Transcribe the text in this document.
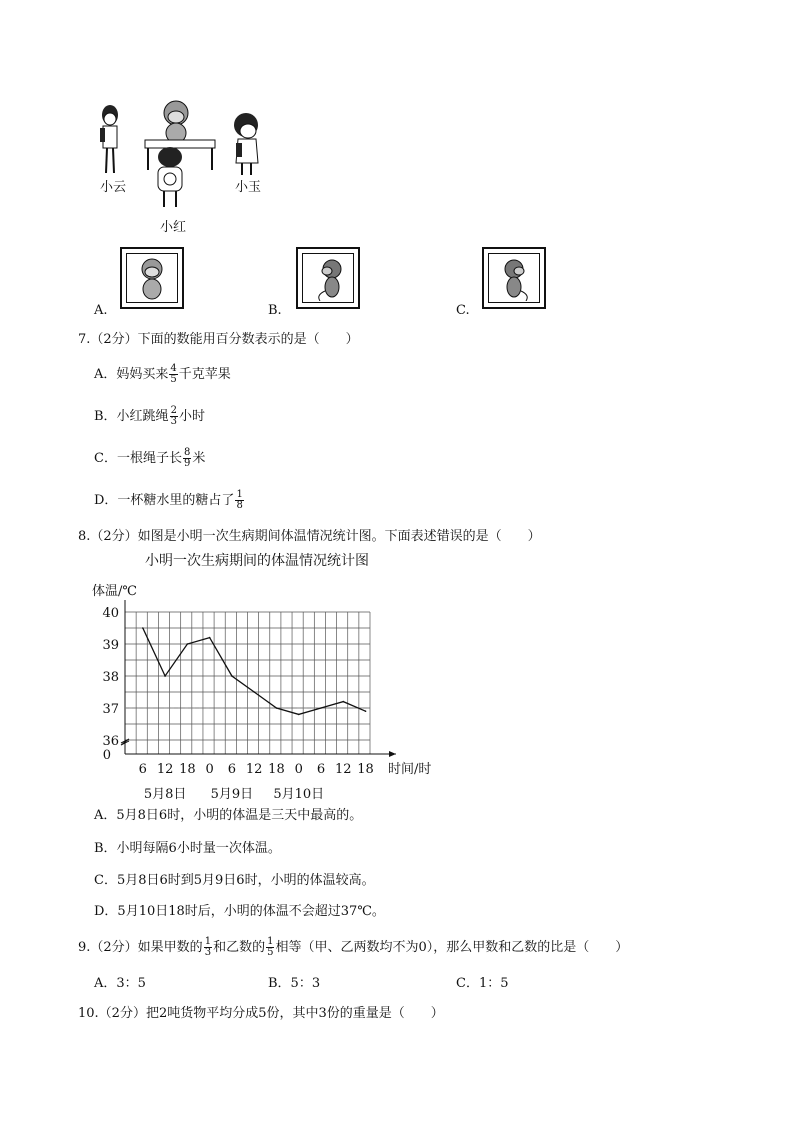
小云	小玉
小红
A.	B.	C.
7.（2分）下面的数能用百分数表示的是（　　）
A．妈妈买来 $\frac{4}{5}$ 千克苹果
B．小红跳绳 $\frac{2}{3}$ 小时
C．一根绳子长 $\frac{8}{9}$ 米
D．一杯糖水里的糖占了 $\frac{1}{8}$
8.（2分）如图是小明一次生病期间体温情况统计图。下面表述错误的是（　　）
小明一次生病期间的体温情况统计图
体温/℃
40
39
38
37
36
0
6 12 18 0 6 12 18 0 6 12 18 时间/时
5月8日 5月9日 5月10日
A．5月8日6时，小明的体温是三天中最高的。
B．小明每隔6小时量一次体温。
C．5月8日6时到5月9日6时，小明的体温较高。
D．5月10日18时后，小明的体温不会超过37℃。
9.（2分）如果甲数的 $\frac{1}{3}$ 和乙数的 $\frac{1}{5}$ 相等（甲、乙两数均不为0），那么甲数和乙数的比是（　　）
A．3：5	B．5：3	C．1：5
10.（2分）把2吨货物平均分成5份，其中3份的重量是（　　）
